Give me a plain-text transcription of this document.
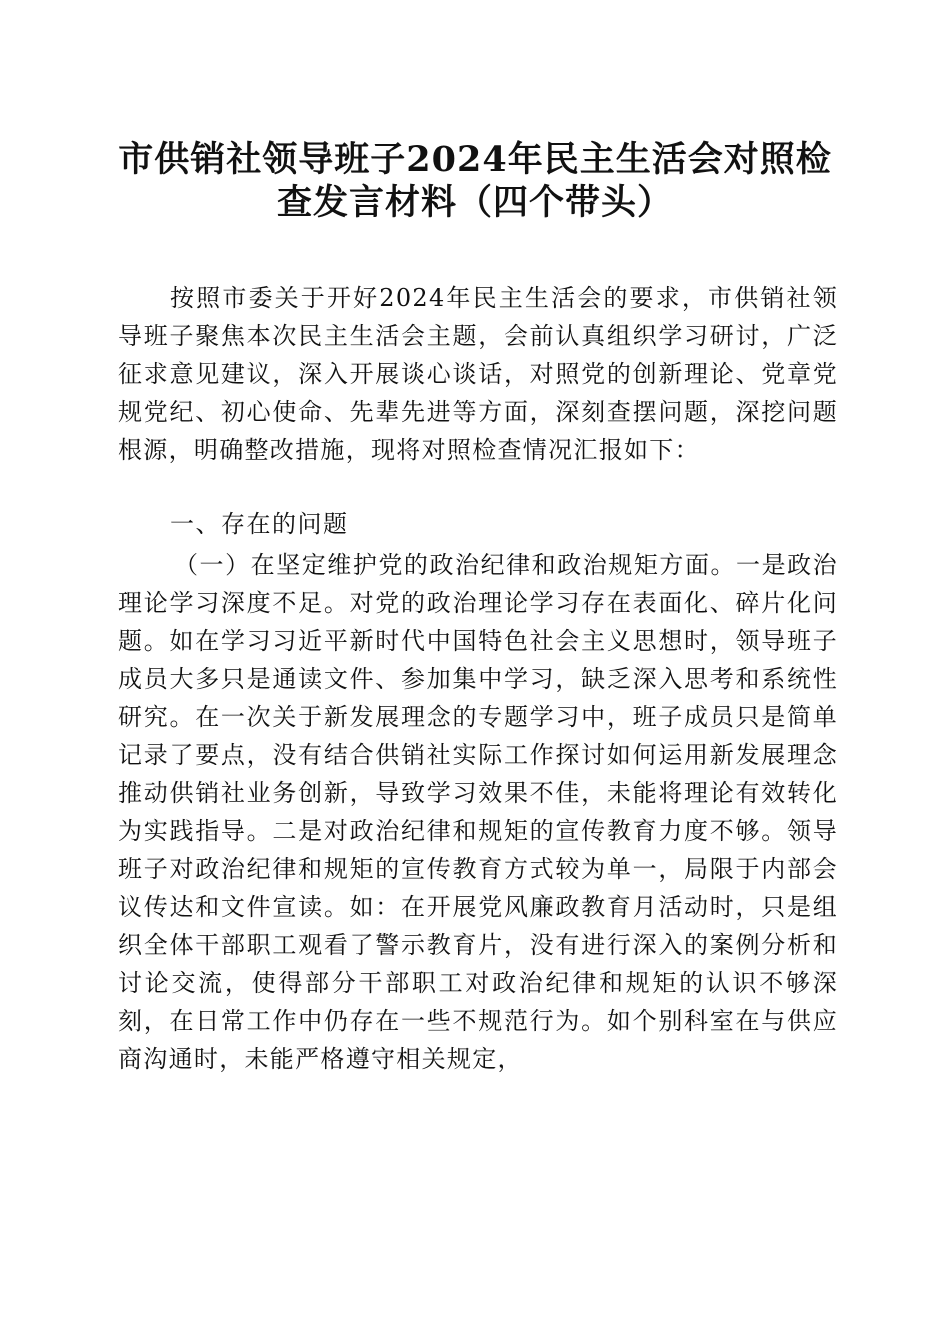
市供销社领导班子2024年民主生活会对照检
查发言材料（四个带头）

按照市委关于开好2024年民主生活会的要求，市供销社领导班子聚焦本次民主生活会主题，会前认真组织学习研讨，广泛征求意见建议，深入开展谈心谈话，对照党的创新理论、党章党规党纪、初心使命、先辈先进等方面，深刻查摆问题，深挖问题根源，明确整改措施，现将对照检查情况汇报如下：

一、存在的问题

（一）在坚定维护党的政治纪律和政治规矩方面。一是政治理论学习深度不足。对党的政治理论学习存在表面化、碎片化问题。如在学习习近平新时代中国特色社会主义思想时，领导班子成员大多只是通读文件、参加集中学习，缺乏深入思考和系统性研究。在一次关于新发展理念的专题学习中，班子成员只是简单记录了要点，没有结合供销社实际工作探讨如何运用新发展理念推动供销社业务创新，导致学习效果不佳，未能将理论有效转化为实践指导。二是对政治纪律和规矩的宣传教育力度不够。领导班子对政治纪律和规矩的宣传教育方式较为单一，局限于内部会议传达和文件宣读。如：在开展党风廉政教育月活动时，只是组织全体干部职工观看了警示教育片，没有进行深入的案例分析和讨论交流，使得部分干部职工对政治纪律和规矩的认识不够深刻，在日常工作中仍存在一些不规范行为。如个别科室在与供应商沟通时，未能严格遵守相关规定，
